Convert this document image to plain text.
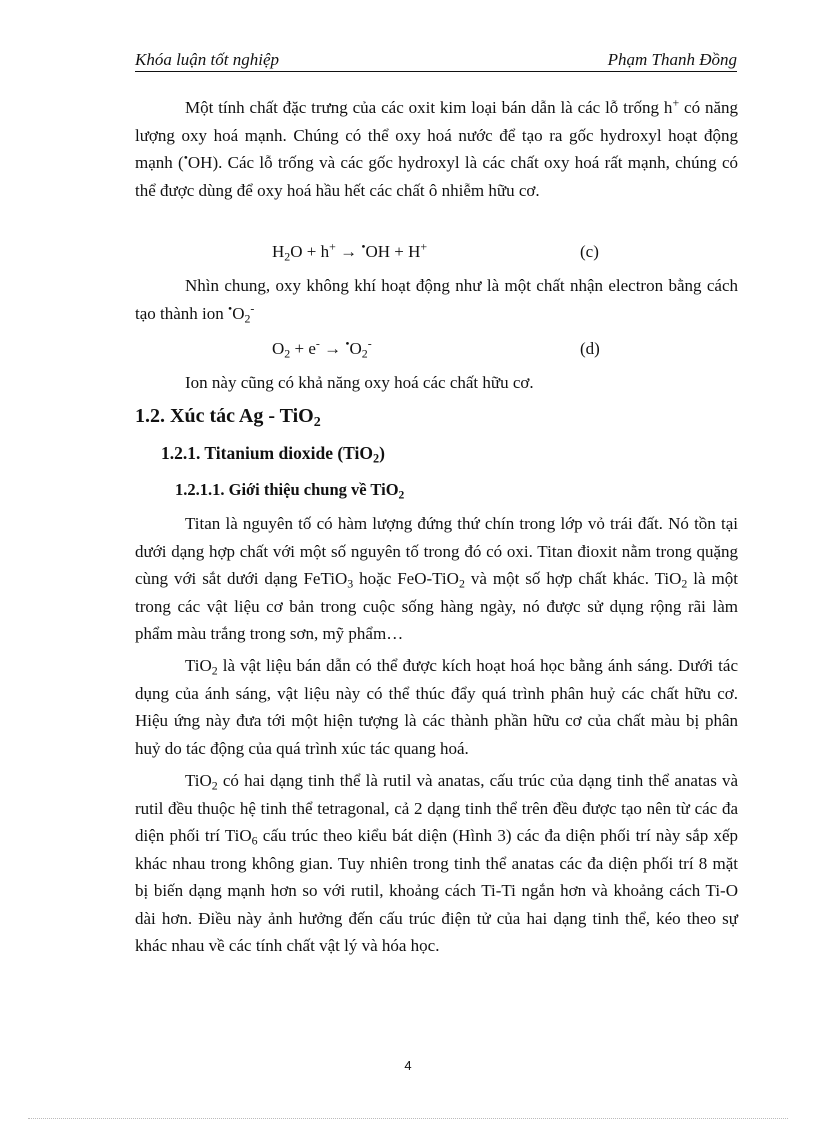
Khóa luận tốt nghiệp	Phạm Thanh Đồng

Một tính chất đặc trưng của các oxit kim loại bán dẫn là các lỗ trống h+ có năng lượng oxy hoá mạnh. Chúng có thể oxy hoá nước để tạo ra gốc hydroxyl hoạt động mạnh (•OH). Các lỗ trống và các gốc hydroxyl là các chất oxy hoá rất mạnh, chúng có thể được dùng để oxy hoá hầu hết các chất ô nhiễm hữu cơ.

$H_2O + h^+ \to ^•OH + H^+$	(c)

Nhìn chung, oxy không khí hoạt động như là một chất nhận electron bằng cách tạo thành ion $^•O_2^-$

$O_2 + e^- \to ^•O_2^-$	(d)

Ion này cũng có khả năng oxy hoá các chất hữu cơ.

1.2. Xúc tác Ag - TiO$_2$
1.2.1. Titanium dioxide (TiO$_2$)
1.2.1.1. Giới thiệu chung về TiO$_2$

Titan là nguyên tố có hàm lượng đứng thứ chín trong lớp vỏ trái đất. Nó tồn tại dưới dạng hợp chất với một số nguyên tố trong đó có oxi. Titan đioxit nằm trong quặng cùng với sắt dưới dạng FeTiO$_3$ hoặc FeO-TiO$_2$ và một số hợp chất khác. TiO$_2$ là một trong các vật liệu cơ bản trong cuộc sống hàng ngày, nó được sử dụng rộng rãi làm phẩm màu trắng trong sơn, mỹ phẩm…

TiO$_2$ là vật liệu bán dẫn có thể được kích hoạt hoá học bằng ánh sáng. Dưới tác dụng của ánh sáng, vật liệu này có thể thúc đẩy quá trình phân huỷ các chất hữu cơ. Hiệu ứng này đưa tới một hiện tượng là các thành phần hữu cơ của chất màu bị phân huỷ do tác động của quá trình xúc tác quang hoá.

TiO$_2$ có hai dạng tinh thể là rutil và anatas, cấu trúc của dạng tinh thể anatas và rutil đều thuộc hệ tinh thể tetragonal, cả 2 dạng tinh thể trên đều được tạo nên từ các đa diện phối trí TiO$_6$ cấu trúc theo kiểu bát diện (Hình 3) các đa diện phối trí này sắp xếp khác nhau trong không gian. Tuy nhiên trong tinh thể anatas các đa diện phối trí 8 mặt bị biến dạng mạnh hơn so với rutil, khoảng cách Ti-Ti ngắn hơn và khoảng cách Ti-O dài hơn. Điều này ảnh hưởng đến cấu trúc điện tử của hai dạng tinh thể, kéo theo sự khác nhau về các tính chất vật lý và hóa học.

4
